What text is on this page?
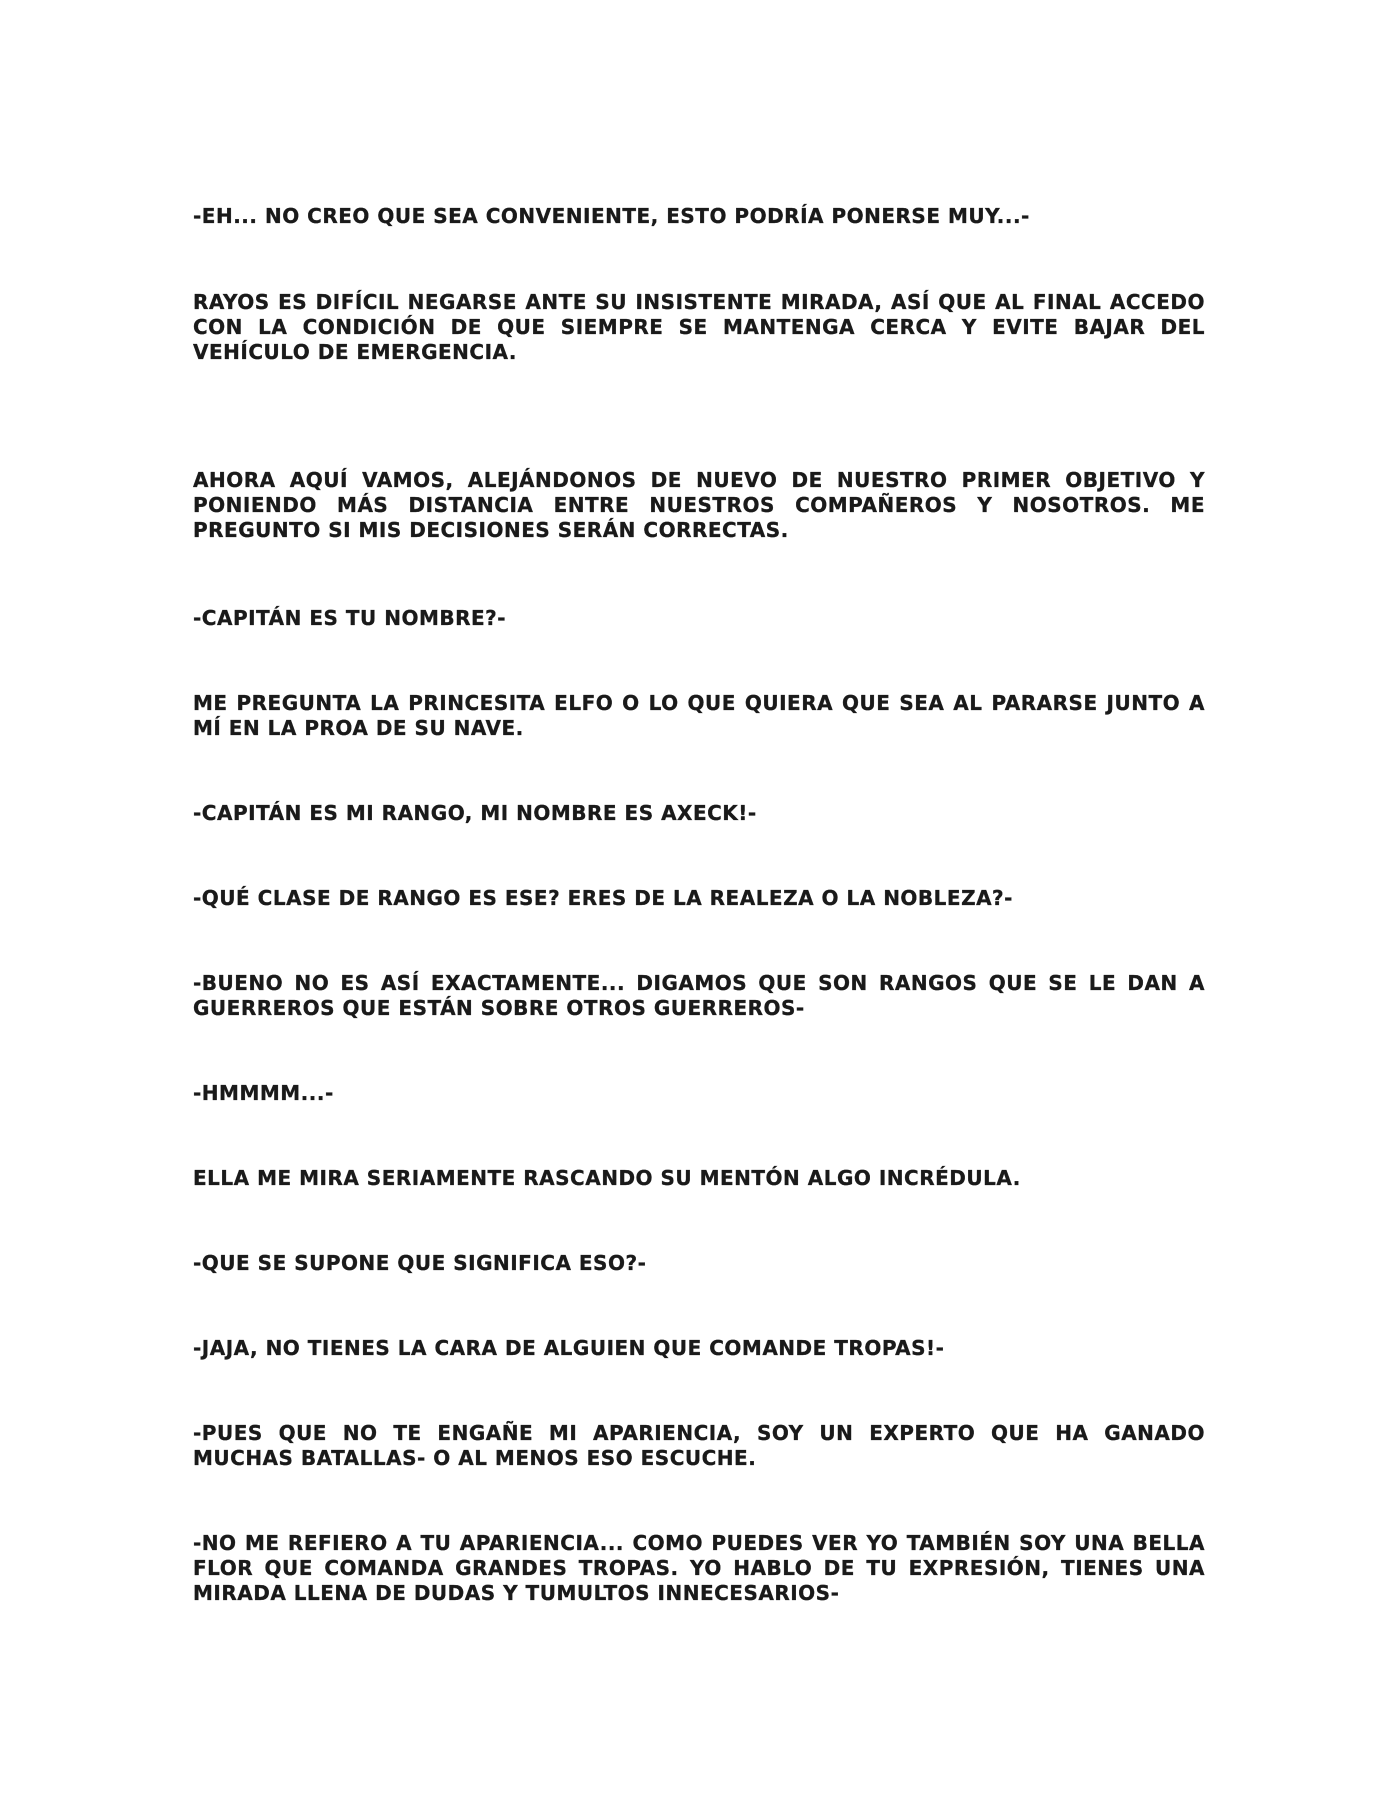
-EH... NO CREO QUE SEA CONVENIENTE, ESTO PODRÍA PONERSE MUY...-

RAYOS ES DIFÍCIL NEGARSE ANTE SU INSISTENTE MIRADA, ASÍ QUE AL FINAL ACCEDO CON LA CONDICIÓN DE QUE SIEMPRE SE MANTENGA CERCA Y EVITE BAJAR DEL VEHÍCULO DE EMERGENCIA.

AHORA AQUÍ VAMOS, ALEJÁNDONOS DE NUEVO DE NUESTRO PRIMER OBJETIVO Y PONIENDO MÁS DISTANCIA ENTRE NUESTROS COMPAÑEROS Y NOSOTROS. ME PREGUNTO SI MIS DECISIONES SERÁN CORRECTAS.

-CAPITÁN ES TU NOMBRE?-

ME PREGUNTA LA PRINCESITA ELFO O LO QUE QUIERA QUE SEA AL PARARSE JUNTO A MÍ EN LA PROA DE SU NAVE.

-CAPITÁN ES MI RANGO, MI NOMBRE ES AXECK!-

-QUÉ CLASE DE RANGO ES ESE? ERES DE LA REALEZA O LA NOBLEZA?-

-BUENO NO ES ASÍ EXACTAMENTE... DIGAMOS QUE SON RANGOS QUE SE LE DAN A GUERREROS QUE ESTÁN SOBRE OTROS GUERREROS-

-HMMMM...-

ELLA ME MIRA SERIAMENTE RASCANDO SU MENTÓN ALGO INCRÉDULA.

-QUE SE SUPONE QUE SIGNIFICA ESO?-

-JAJA, NO TIENES LA CARA DE ALGUIEN QUE COMANDE TROPAS!-

-PUES QUE NO TE ENGAÑE MI APARIENCIA, SOY UN EXPERTO QUE HA GANADO MUCHAS BATALLAS- O AL MENOS ESO ESCUCHE.

-NO ME REFIERO A TU APARIENCIA... COMO PUEDES VER YO TAMBIÉN SOY UNA BELLA FLOR QUE COMANDA GRANDES TROPAS. YO HABLO DE TU EXPRESIÓN, TIENES UNA MIRADA LLENA DE DUDAS Y TUMULTOS INNECESARIOS-
